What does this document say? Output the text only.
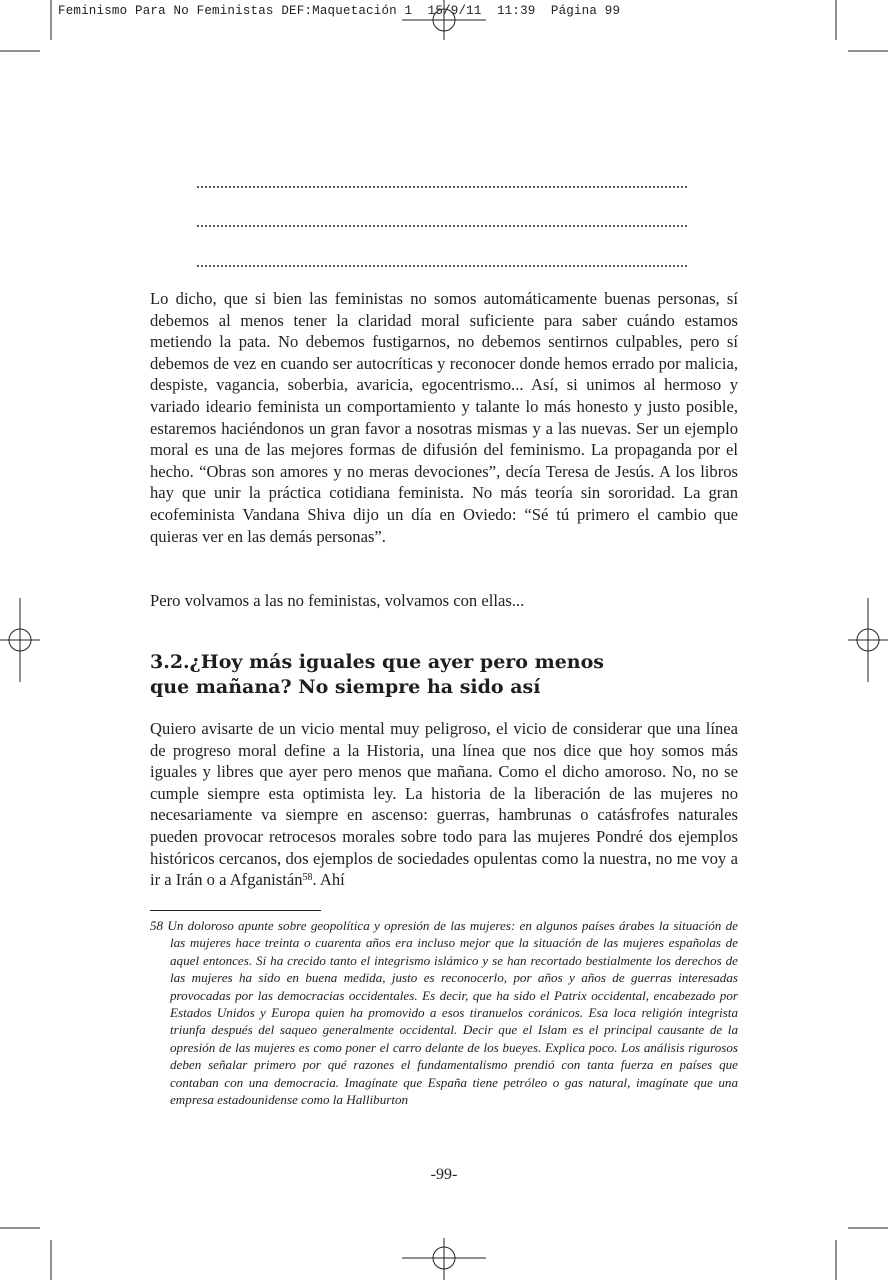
Feminismo Para No Feministas DEF:Maquetación 1  15/9/11  11:39  Página 99

Lo dicho, que si bien las feministas no somos automáticamente buenas personas, sí debemos al menos tener la claridad moral suficiente para saber cuándo estamos metiendo la pata. No debemos fustigarnos, no debemos sentirnos culpables, pero sí debemos de vez en cuando ser autocríticas y reconocer donde hemos errado por malicia, despiste, vagancia, soberbia, avaricia, egocentrismo... Así, si unimos al hermoso y variado ideario feminista un comportamiento y talante lo más honesto y justo posible, estaremos haciéndonos un gran favor a nosotras mismas y a las nuevas. Ser un ejemplo moral es una de las mejores formas de difusión del feminismo. La propaganda por el hecho. “Obras son amores y no meras devociones”, decía Teresa de Jesús. A los libros hay que unir la práctica cotidiana feminista. No más teoría sin sororidad. La gran ecofeminista Vandana Shiva dijo un día en Oviedo: “Sé tú primero el cambio que quieras ver en las demás personas”.

Pero volvamos a las no feministas, volvamos con ellas...

3.2.¿Hoy más iguales que ayer pero menos
que mañana? No siempre ha sido así

Quiero avisarte de un vicio mental muy peligroso, el vicio de considerar que una línea de progreso moral define a la Historia, una línea que nos dice que hoy somos más iguales y libres que ayer pero menos que mañana. Como el dicho amoroso. No, no se cumple siempre esta optimista ley. La historia de la liberación de las mujeres no necesariamente va siempre en ascenso: guerras, hambrunas o catásfrofes naturales pueden provocar retrocesos morales sobre todo para las mujeres Pondré dos ejemplos históricos cercanos, dos ejemplos de sociedades opulentas como la nuestra, no me voy a ir a Irán o a Afganistán$^{58}$. Ahí

58 Un doloroso apunte sobre geopolítica y opresión de las mujeres: en algunos países árabes la situación de las mujeres hace treinta o cuarenta años era incluso mejor que la situación de las mujeres españolas de aquel entonces. Si ha crecido tanto el integrismo islámico y se han recortado bestialmente los derechos de las mujeres ha sido en buena medida, justo es reconocerlo, por años y años de guerras interesadas provocadas por las democracias occidentales. Es decir, que ha sido el Patrix occidental, encabezado por Estados Unidos y Europa quien ha promovido a esos tiranuelos coránicos. Esa loca religión integrista triunfa después del saqueo generalmente occidental. Decir que el Islam es el principal causante de la opresión de las mujeres es como poner el carro delante de los bueyes. Explica poco. Los análisis rigurosos deben señalar primero por qué razones el fundamentalismo prendió con tanta fuerza en países que contaban con una democracia. Imagínate que España tiene petróleo o gas natural, imagínate que una empresa estadounidense como la Halliburton
-99-
